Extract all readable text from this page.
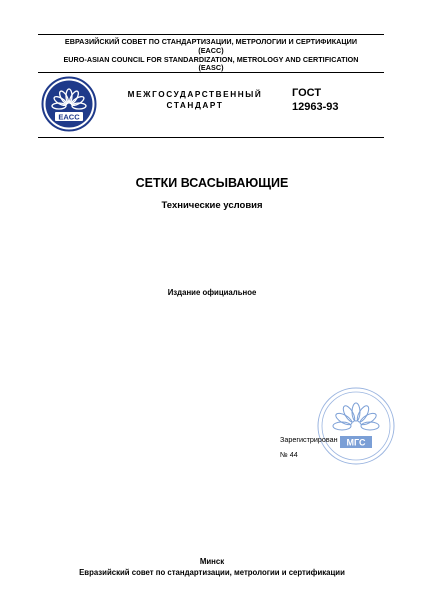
ЕВРАЗИЙСКИЙ СОВЕТ ПО СТАНДАРТИЗАЦИИ, МЕТРОЛОГИИ И СЕРТИФИКАЦИИ
(EACC)
EURO-ASIAN COUNCIL FOR STANDARDIZATION, METROLOGY AND CERTIFICATION
(EASC)
EACC
МЕЖГОСУДАРСТВЕННЫЙ
СТАНДАРТ
ГОСТ
12963-93
СЕТКИ ВСАСЫВАЮЩИЕ
Технические условия
Издание официальное
МГС
Зарегистрирован
№ 44
Минск
Евразийский совет по стандартизации, метрологии и сертификации
